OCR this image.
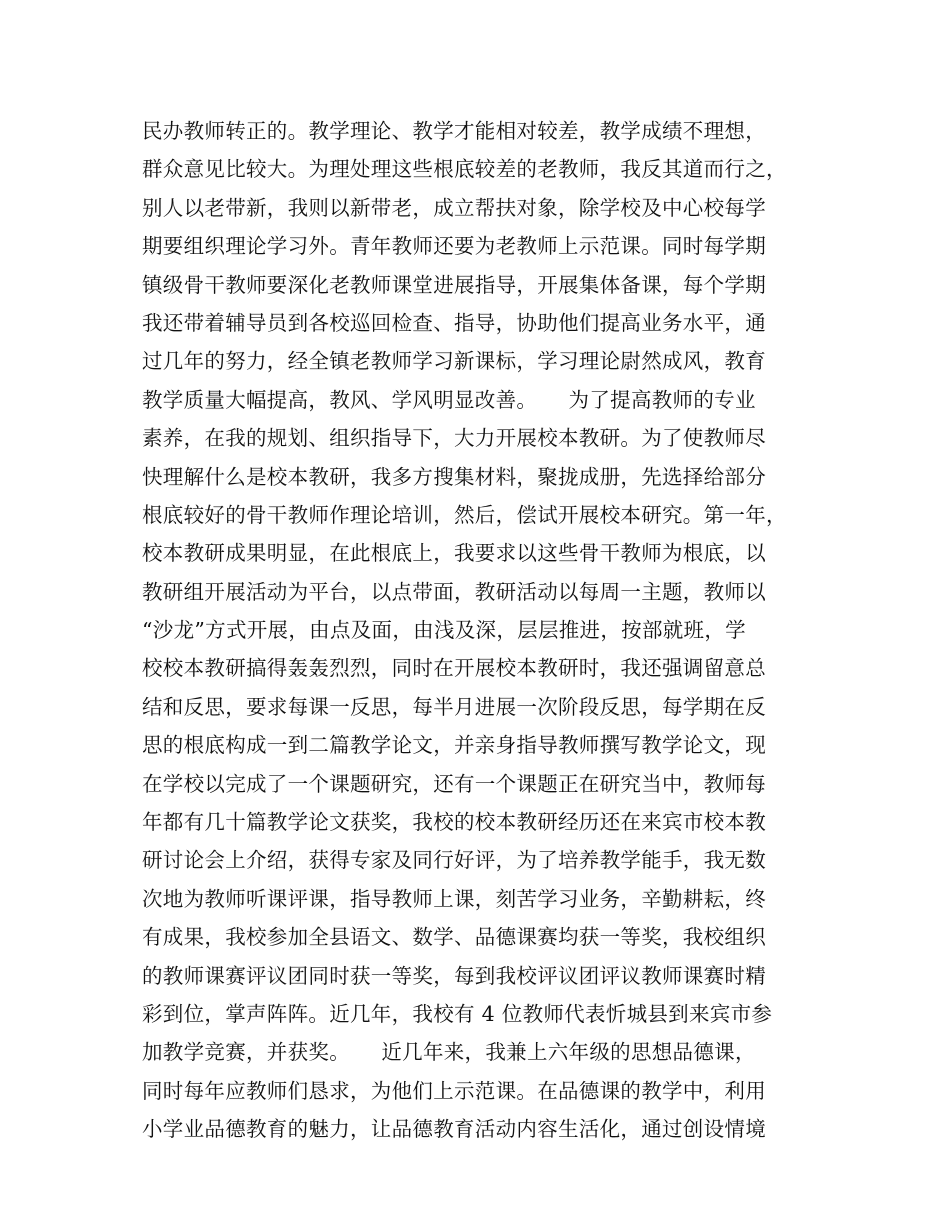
民办教师转正的。教学理论、教学才能相对较差，教学成绩不理想，
群众意见比较大。为理处理这些根底较差的老教师，我反其道而行之，
别人以老带新，我则以新带老，成立帮扶对象，除学校及中心校每学
期要组织理论学习外。青年教师还要为老教师上示范课。同时每学期
镇级骨干教师要深化老教师课堂进展指导，开展集体备课，每个学期
我还带着辅导员到各校巡回检查、指导，协助他们提高业务水平，通
过几年的努力，经全镇老教师学习新课标，学习理论尉然成风，教育
教学质量大幅提高，教风、学风明显改善。　　为了提高教师的专业
素养，在我的规划、组织指导下，大力开展校本教研。为了使教师尽
快理解什么是校本教研，我多方搜集材料，聚拢成册，先选择给部分
根底较好的骨干教师作理论培训，然后，偿试开展校本研究。第一年，
校本教研成果明显，在此根底上，我要求以这些骨干教师为根底，以
教研组开展活动为平台，以点带面，教研活动以每周一主题，教师以
“沙龙”方式开展，由点及面，由浅及深，层层推进，按部就班，学
校校本教研搞得轰轰烈烈，同时在开展校本教研时，我还强调留意总
结和反思，要求每课一反思，每半月进展一次阶段反思，每学期在反
思的根底构成一到二篇教学论文，并亲身指导教师撰写教学论文，现
在学校以完成了一个课题研究，还有一个课题正在研究当中，教师每
年都有几十篇教学论文获奖，我校的校本教研经历还在来宾市校本教
研讨论会上介绍，获得专家及同行好评，为了培养教学能手，我无数
次地为教师听课评课，指导教师上课，刻苦学习业务，辛勤耕耘，终
有成果，我校参加全县语文、数学、品德课赛均获一等奖，我校组织
的教师课赛评议团同时获一等奖，每到我校评议团评议教师课赛时精
彩到位，掌声阵阵。近几年，我校有 4 位教师代表忻城县到来宾市参
加教学竞赛，并获奖。　　近几年来，我兼上六年级的思想品德课，
同时每年应教师们恳求，为他们上示范课。在品德课的教学中，利用
小学业品德教育的魅力，让品德教育活动内容生活化，通过创设情境
